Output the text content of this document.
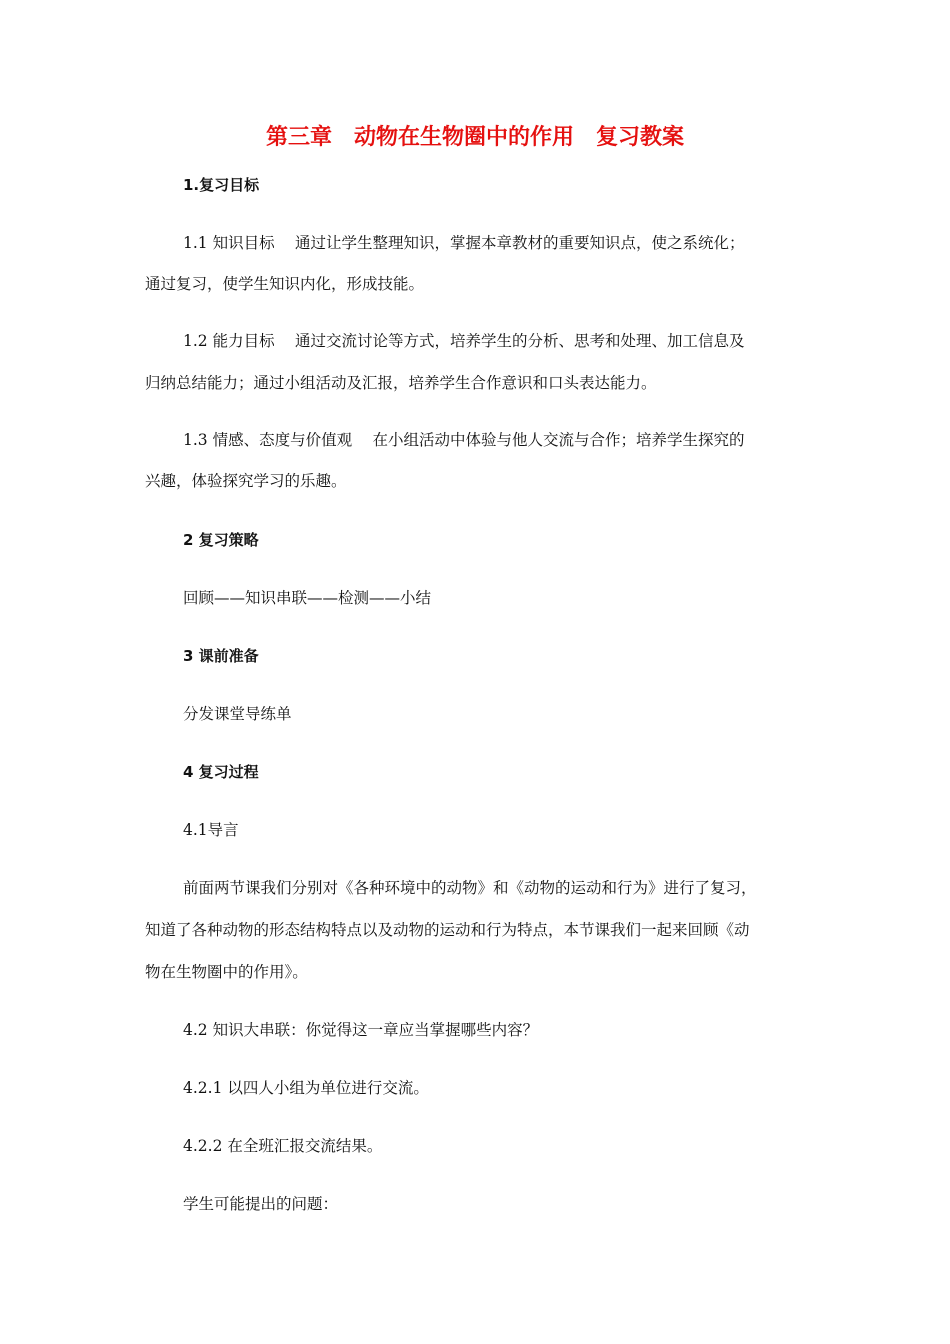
第三章　动物在生物圈中的作用　复习教案
1.复习目标
1.1 知识目标　 通过让学生整理知识，掌握本章教材的重要知识点，使之系统化；
通过复习，使学生知识内化，形成技能。
1.2 能力目标　 通过交流讨论等方式，培养学生的分析、思考和处理、加工信息及
归纳总结能力；通过小组活动及汇报，培养学生合作意识和口头表达能力。
1.3 情感、态度与价值观　 在小组活动中体验与他人交流与合作；培养学生探究的
兴趣，体验探究学习的乐趣。
2 复习策略
回顾——知识串联——检测——小结
3 课前准备
分发课堂导练单
4 复习过程
4.1导言
前面两节课我们分别对《各种环境中的动物》和《动物的运动和行为》进行了复习，
知道了各种动物的形态结构特点以及动物的运动和行为特点，本节课我们一起来回顾《动
物在生物圈中的作用》。
4.2 知识大串联：你觉得这一章应当掌握哪些内容？
4.2.1 以四人小组为单位进行交流。
4.2.2 在全班汇报交流结果。
学生可能提出的问题：
